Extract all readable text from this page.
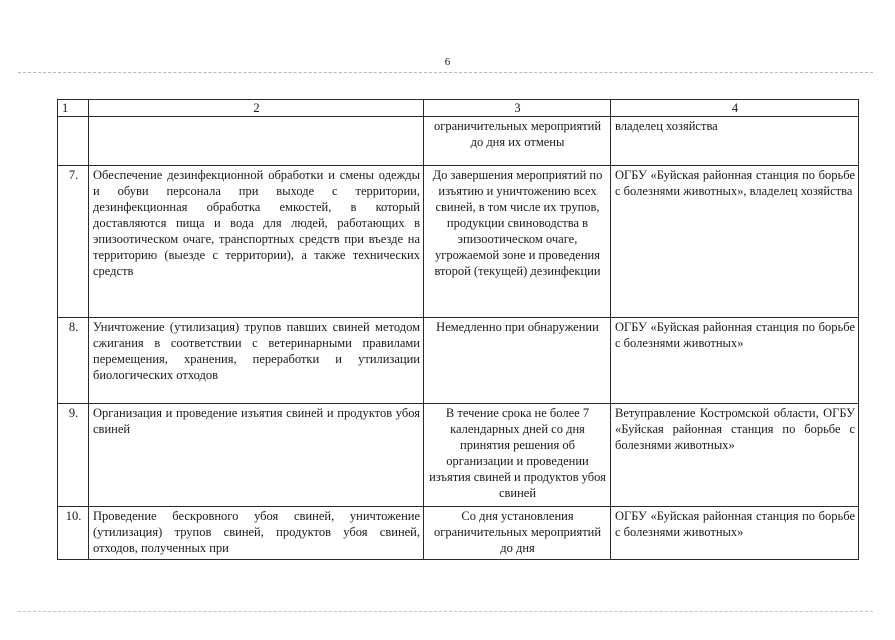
6
1	2	3	4
		ограничительных мероприятий до дня их отмены	владелец хозяйства
7.	Обеспечение дезинфекционной обработки и смены одежды и обуви персонала при выходе с территории, дезинфекционная обработка емкостей, в который доставляются пища и вода для людей, работающих в эпизоотическом очаге, транспортных средств при въезде на территорию (выезде с территории), а также технических средств	До завершения мероприятий по изъятию и уничтожению всех свиней, в том числе их трупов, продукции свиноводства в эпизоотическом очаге, угрожаемой зоне и проведения второй (текущей) дезинфекции	ОГБУ «Буйская районная станция по борьбе с болезнями животных», владелец хозяйства
8.	Уничтожение (утилизация) трупов павших свиней методом сжигания в соответствии с ветеринарными правилами перемещения, хранения, переработки и утилизации биологических отходов	Немедленно при обнаружении	ОГБУ «Буйская районная станция по борьбе с болезнями животных»
9.	Организация и проведение изъятия свиней и продуктов убоя свиней	В течение срока не более 7 календарных дней со дня принятия решения об организации и проведении изъятия свиней и продуктов убоя свиней	Ветуправление Костромской области, ОГБУ «Буйская районная станция по борьбе с болезнями животных»
10.	Проведение бескровного убоя свиней, уничтожение (утилизация) трупов свиней, продуктов убоя свиней, отходов, полученных при	Со дня установления ограничительных мероприятий до дня	ОГБУ «Буйская районная станция по борьбе с болезнями животных»
